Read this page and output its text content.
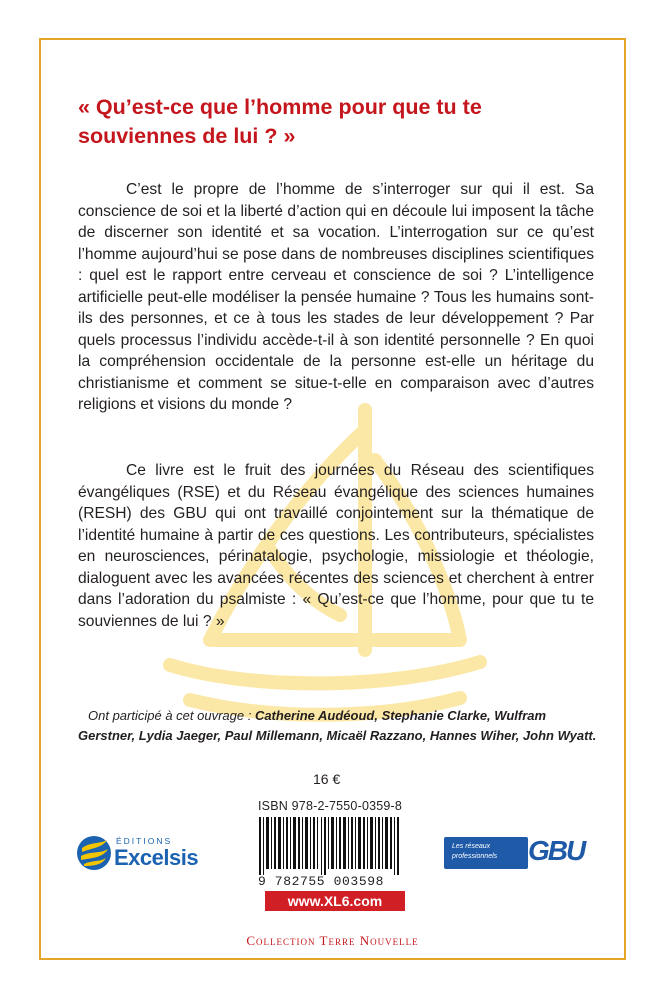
« Qu’est-ce que l’homme pour que tu te souviennes de lui ? »

C’est le propre de l’homme de s’interroger sur qui il est. Sa conscience de soi et la liberté d’action qui en découle lui imposent la tâche de discerner son identité et sa vocation. L’interrogation sur ce qu’est l’homme aujourd’hui se pose dans de nombreuses disciplines scientifiques : quel est le rapport entre cerveau et conscience de soi ? L’intelligence artificielle peut-elle modéliser la pensée humaine ? Tous les humains sont-ils des personnes, et ce à tous les stades de leur développement ? Par quels processus l’individu accède-t-il à son identité personnelle ? En quoi la compréhension occidentale de la personne est-elle un héritage du christianisme et comment se situe-t-elle en comparaison avec d’autres religions et visions du monde ?

Ce livre est le fruit des journées du Réseau des scientifiques évangéliques (RSE) et du Réseau évangélique des sciences humaines (RESH) des GBU qui ont travaillé conjointement sur la thématique de l’identité humaine à partir de ces questions. Les contributeurs, spécialistes en neurosciences, périnatalogie, psychologie, missiologie et théologie, dialoguent avec les avancées récentes des sciences et cherchent à entrer dans l’adoration du psalmiste : « Qu’est-ce que l’homme, pour que tu te souviennes de lui ? »

Ont participé à cet ouvrage : Catherine Audéoud, Stephanie Clarke, Wulfram Gerstner, Lydia Jaeger, Paul Millemann, Micaël Razzano, Hannes Wiher, John Wyatt.

16 €
ISBN 978-2-7550-0359-8
9 782755 003598
www.XL6.com
ÉDITIONS
Excelsis	Les réseaux
professionnels GBU
Collection Terre Nouvelle
